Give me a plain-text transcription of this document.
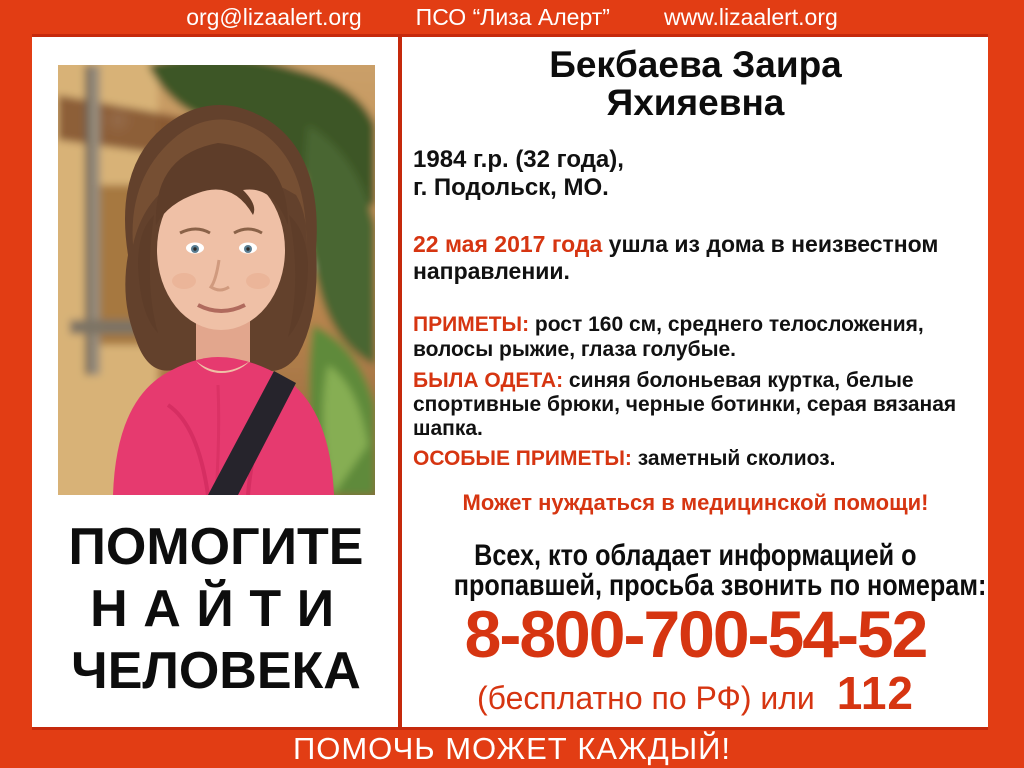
org@lizaalert.org ПСО “Лиза Алерт” www.lizaalert.org
ПОМОГИТЕ
НАЙТИ
ЧЕЛОВЕКА
Бекбаева Заира
Яхияевна
1984 г.р. (32 года),
г. Подольск, МО.
22 мая 2017 года ушла из дома в неизвестном направлении.
ПРИМЕТЫ: рост 160 см, среднего телосложения, волосы рыжие, глаза голубые.
БЫЛА ОДЕТА: синяя болоньевая куртка, белые спортивные брюки, черные ботинки, серая вязаная шапка.
ОСОБЫЕ ПРИМЕТЫ: заметный сколиоз.
Может нуждаться в медицинской помощи!
Всех, кто обладает информацией о
пропавшей, просьба звонить по номерам:
8-800-700-54-52
(бесплатно по РФ) или 112
ПОМОЧЬ МОЖЕТ КАЖДЫЙ!
